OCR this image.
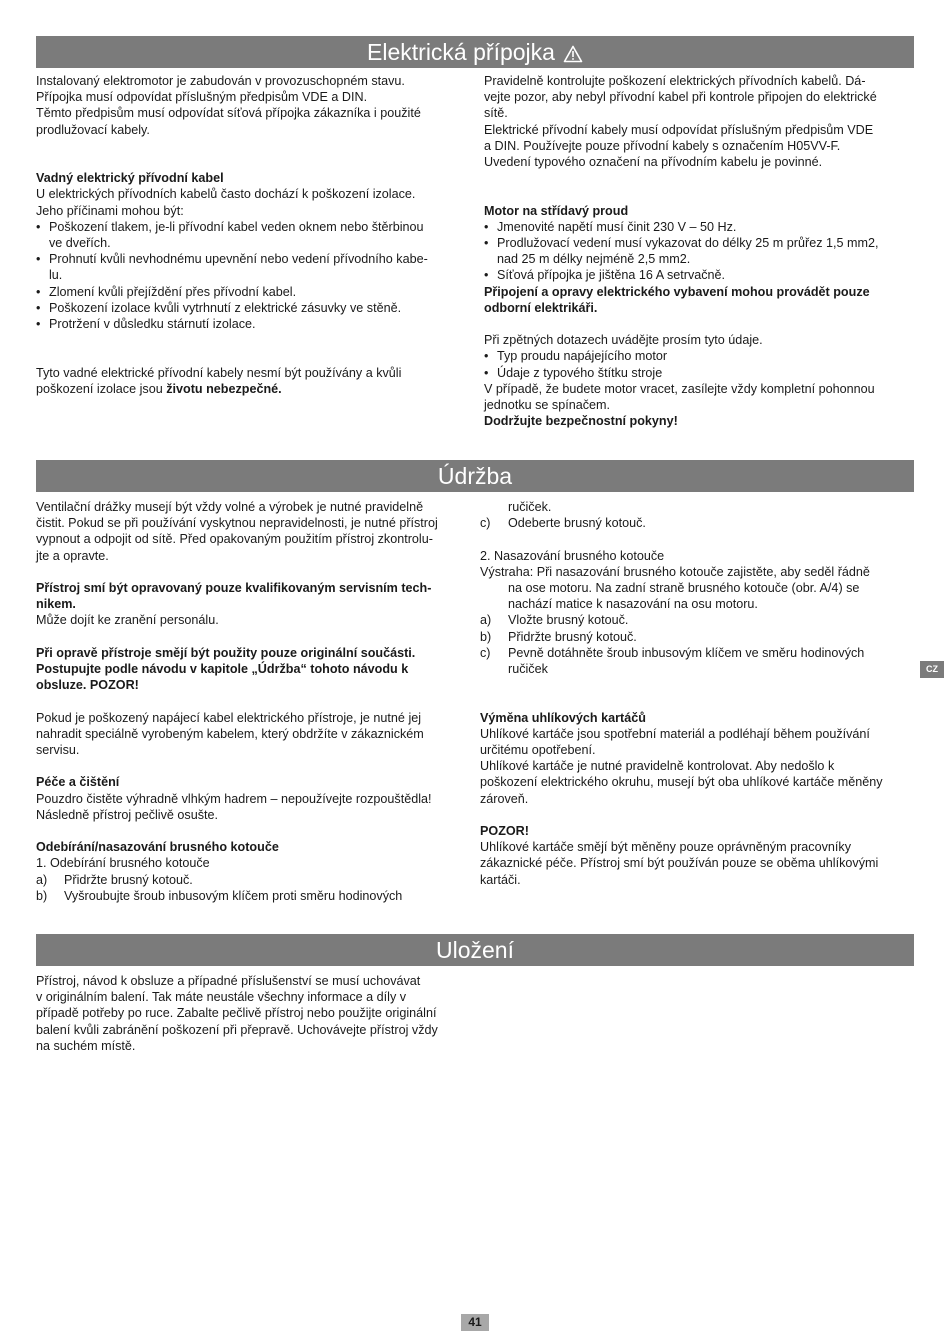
Elektrická přípojka

Instalovaný elektromotor je zabudován v provozuschopném stavu.

Přípojka musí odpovídat příslušným předpisům VDE a DIN.

Těmto předpisům musí odpovídat síťová přípojka zákazníka i použité

prodlužovací kabely.

Vadný elektrický přívodní kabel

U elektrických přívodních kabelů často dochází k poškození izolace.

Jeho příčinami mohou být:

• Poškození tlakem, je-li přívodní kabel veden oknem nebo štěrbinou

ve dveřích.

• Prohnutí kvůli nevhodnému upevnění nebo vedení přívodního kabe-

lu.

• Zlomení kvůli přejíždění přes přívodní kabel.

• Poškození izolace kvůli vytrhnutí z elektrické zásuvky ve stěně.

• Protržení v důsledku stárnutí izolace.

Tyto vadné elektrické přívodní kabely nesmí být používány a kvůli

poškození izolace jsou životu nebezpečné.

Pravidelně kontrolujte poškození elektrických přívodních kabelů. Dá-

vejte pozor, aby nebyl přívodní kabel při kontrole připojen do elektrické

sítě.

Elektrické přívodní kabely musí odpovídat příslušným předpisům VDE

a DIN. Používejte pouze přívodní kabely s označením H05VV-F.

Uvedení typového označení na přívodním kabelu je povinné.

Motor na střídavý proud

• Jmenovité napětí musí činit 230 V – 50 Hz.

• Prodlužovací vedení musí vykazovat do délky 25 m průřez 1,5 mm2,

nad 25 m délky nejméně 2,5 mm2.

• Síťová přípojka je jištěna 16 A setrvačně.

Připojení a opravy elektrického vybavení mohou provádět pouze

odborní elektrikáři.

Při zpětných dotazech uvádějte prosím tyto údaje.

• Typ proudu napájejícího motor

• Údaje z typového štítku stroje

V případě, že budete motor vracet, zasílejte vždy kompletní pohonnou

jednotku se spínačem.

Dodržujte bezpečnostní pokyny!

Údržba

Ventilační drážky musejí být vždy volné a výrobek je nutné pravidelně

čistit. Pokud se při používání vyskytnou nepravidelnosti, je nutné přístroj

vypnout a odpojit od sítě. Před opakovaným použitím přístroj zkontrolu-

jte a opravte.

Přístroj smí být opravovaný pouze kvalifikovaným servisním tech-

nikem.

Může dojít ke zranění personálu.

Při opravě přístroje smějí být použity pouze originální součásti.

Postupujte podle návodu v kapitole „Údržba“ tohoto návodu k

obsluze. POZOR!

Pokud je poškozený napájecí kabel elektrického přístroje, je nutné jej

nahradit speciálně vyrobeným kabelem, který obdržíte v zákaznickém

servisu.

Péče a čištění

Pouzdro čistěte výhradně vlhkým hadrem – nepoužívejte rozpouštědla!

Následně přístroj pečlivě osušte.

Odebírání/nasazování brusného kotouče

1. Odebírání brusného kotouče

a) Přidržte brusný kotouč.

b) Vyšroubujte šroub inbusovým klíčem proti směru hodinových

ručiček.

c) Odeberte brusný kotouč.

2. Nasazování brusného kotouče

Výstraha: Při nasazování brusného kotouče zajistěte, aby seděl řádně

na ose motoru. Na zadní straně brusného kotouče (obr. A/4) se

nachází matice k nasazování na osu motoru.

a) Vložte brusný kotouč.

b) Přidržte brusný kotouč.

c) Pevně dotáhněte šroub inbusovým klíčem ve směru hodinových

ručiček

Výměna uhlíkových kartáčů

Uhlíkové kartáče jsou spotřební materiál a podléhají během používání

určitému opotřebení.

Uhlíkové kartáče je nutné pravidelně kontrolovat. Aby nedošlo k

poškození elektrického okruhu, musejí být oba uhlíkové kartáče měněny

zároveň.

POZOR!

Uhlíkové kartáče smějí být měněny pouze oprávněným pracovníky

zákaznické péče. Přístroj smí být používán pouze se oběma uhlíkovými

kartáči.

CZ
Uložení

Přístroj, návod k obsluze a případné příslušenství se musí uchovávat

v originálním balení. Tak máte neustále všechny informace a díly v

případě potřeby po ruce. Zabalte pečlivě přístroj nebo použijte originální

balení kvůli zabránění poškození při přepravě. Uchovávejte přístroj vždy

na suchém místě.

41
